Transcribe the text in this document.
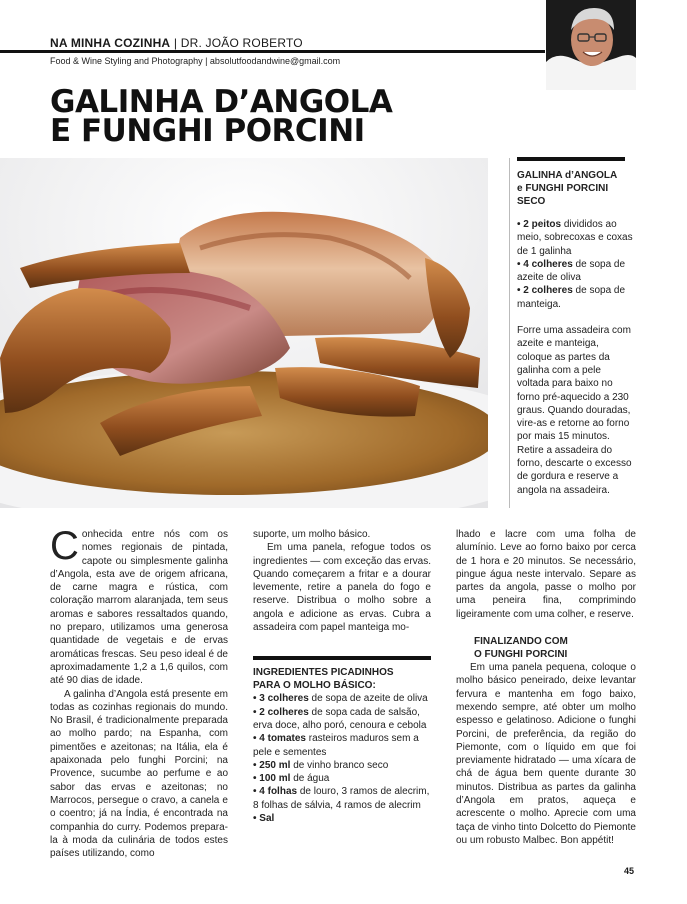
NA MINHA COZINHA | DR. JOÃO ROBERTO
Food & Wine Styling and Photography | absolutfoodandwine@gmail.com
GALINHA D’ANGOLA
E FUNGHI PORCINI
GALINHA d’ANGOLA
e FUNGHI PORCINI
SECO

• 2 peitos divididos ao meio, sobrecoxas e coxas de 1 galinha

• 4 colheres de sopa de azeite de oliva

• 2 colheres de sopa de manteiga.

Forre uma assadeira com azeite e manteiga, coloque as partes da galinha com a pele voltada para baixo no forno pré-aquecido a 230 graus. Quando douradas, vire-as e retorne ao forno por mais 15 minutos. Retire a assadeira do forno, descarte o excesso de gordura e reserve a angola na assadeira.

Conhecida entre nós com os nomes regionais de pintada, capote ou simplesmente galinha d’Angola, esta ave de origem africana, de carne magra e rústica, com coloração marrom alaranjada, tem seus aromas e sabores ressaltados quando, no preparo, utilizamos uma generosa quantidade de vegetais e de ervas aromáticas frescas. Seu peso ideal é de aproximadamente 1,2 a 1,6 quilos, com até 90 dias de idade.

A galinha d’Angola está presente em todas as cozinhas regionais do mundo. No Brasil, é tradicionalmente preparada ao molho pardo; na Espanha, com pimentões e azeitonas; na Itália, ela é apaixonada pelo funghi Porcini; na Provence, sucumbe ao perfume e ao sabor das ervas e azeitonas; no Marrocos, persegue o cravo, a canela e o coentro; já na Índia, é encontrada na companhia do curry. Podemos prepara-la à moda da culinária de todos estes países utilizando, como

suporte, um molho básico.

Em uma panela, refogue todos os ingredientes — com exceção das ervas. Quando começarem a fritar e a dourar levemente, retire a panela do fogo e reserve. Distribua o molho sobre a angola e adicione as ervas. Cubra a assadeira com papel manteiga mo-

INGREDIENTES PICADINHOS
PARA O MOLHO BÁSICO:
• 3 colheres de sopa de azeite de oliva
• 2 colheres de sopa cada de salsão, erva doce, alho poró, cenoura e cebola
• 4 tomates rasteiros maduros sem a pele e sementes
• 250 ml de vinho branco seco
• 100 ml de água
• 4 folhas de louro, 3 ramos de alecrim, 8 folhas de sálvia, 4 ramos de alecrim
• Sal

lhado e lacre com uma folha de alumínio. Leve ao forno baixo por cerca de 1 hora e 20 minutos. Se necessário, pingue água neste intervalo. Separe as partes da angola, passe o molho por uma peneira fina, comprimindo ligeiramente com uma colher, e reserve.

FINALIZANDO COM
O FUNGHI PORCINI

Em uma panela pequena, coloque o molho básico peneirado, deixe levantar fervura e mantenha em fogo baixo, mexendo sempre, até obter um molho espesso e gelatinoso. Adicione o funghi Porcini, de preferência, da região do Piemonte, com o líquido em que foi previamente hidratado — uma xícara de chá de água bem quente durante 30 minutos. Distribua as partes da galinha d’Angola em pratos, aqueça e acrescente o molho. Aprecie com uma taça de vinho tinto Dolcetto do Piemonte ou um robusto Malbec. Bon appétit!

45
